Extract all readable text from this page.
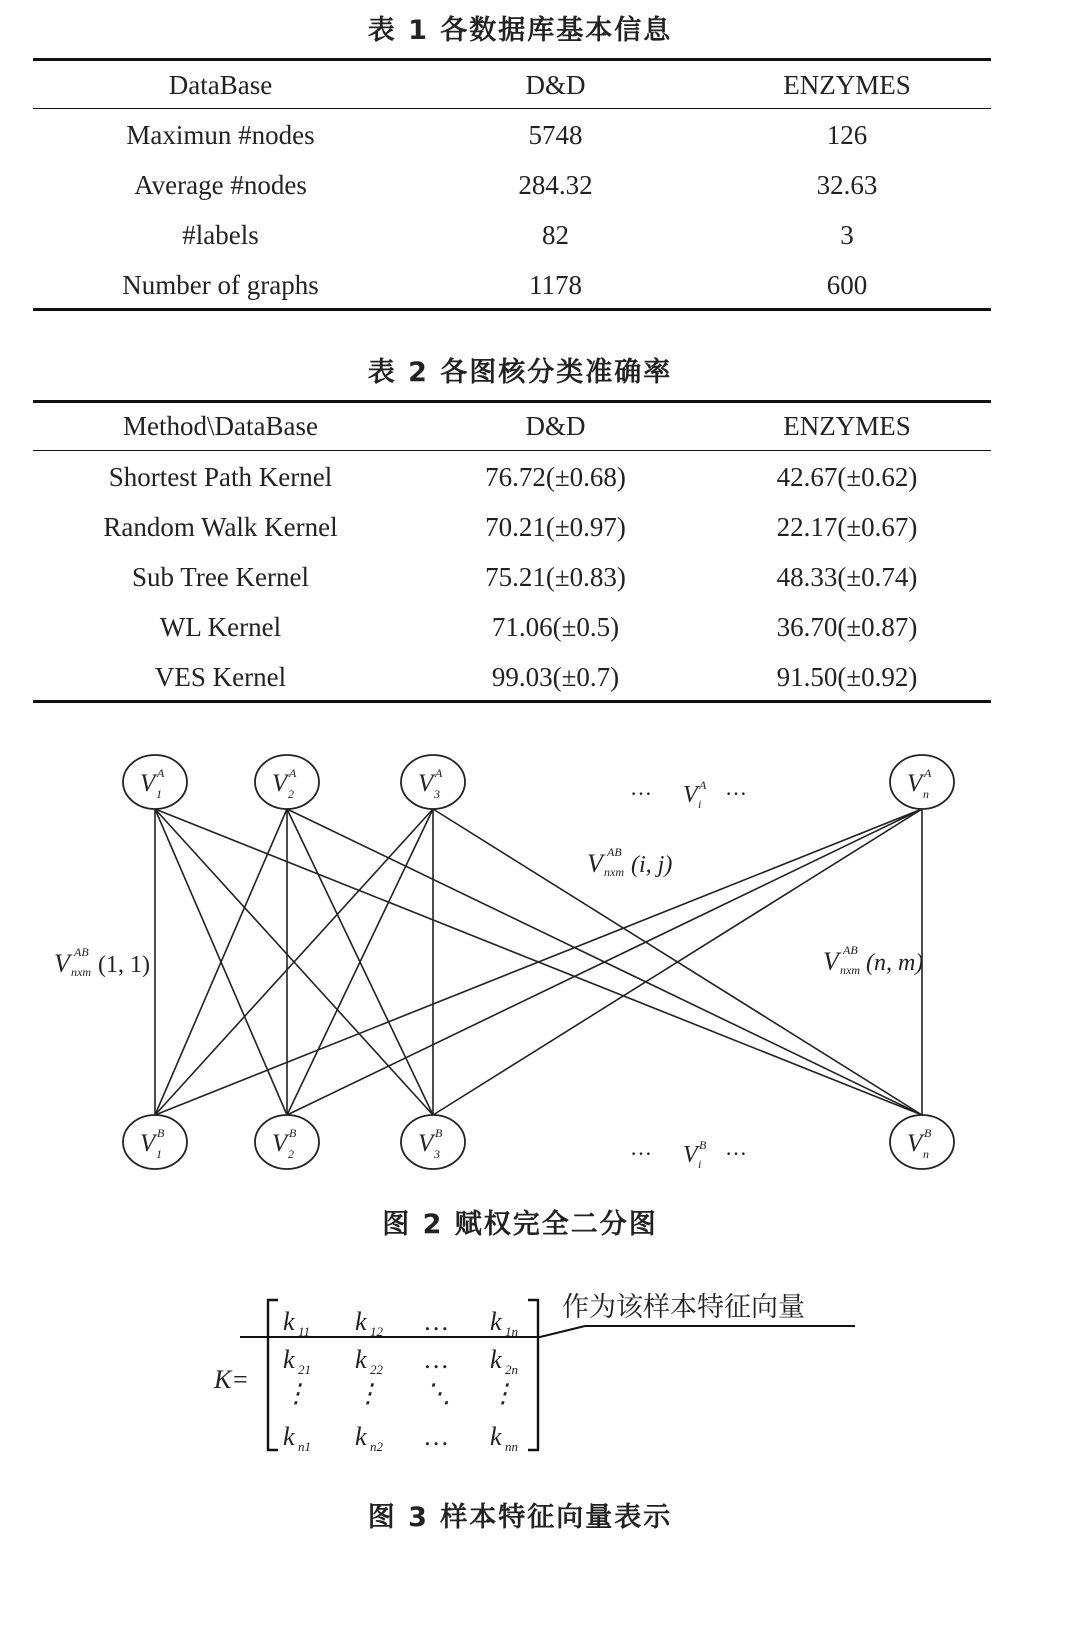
表 1 各数据库基本信息
DataBase	D&D	ENZYMES
Maximun #nodes	5748	126
Average #nodes	284.32	32.63
#labels	82	3
Number of graphs	1178	600
表 2 各图核分类准确率
Method\DataBase	D&D	ENZYMES
Shortest Path Kernel	76.72(±0.68)	42.67(±0.62)
Random Walk Kernel	70.21(±0.97)	22.17(±0.67)
Sub Tree Kernel	75.21(±0.83)	48.33(±0.74)
WL Kernel	71.06(±0.5)	36.70(±0.87)
VES Kernel	99.03(±0.7)	91.50(±0.92)
V A
1	V A
2	V A
3	V A
n
V B
1	V B
2	V B
3	V B
n
… V A
i
…
… V B
i
…
V AB
nxm (1, 1)
V AB
nxm (i, j)
V AB
nxm (n, m)
图 2 赋权完全二分图
K=
作为该样本特征向量
k 11 k 12 … k 1n
k 21 k 22 … k 2n
⋮ ⋮ ⋱ ⋮
k n1 k n2 … k nn
图 3 样本特征向量表示
